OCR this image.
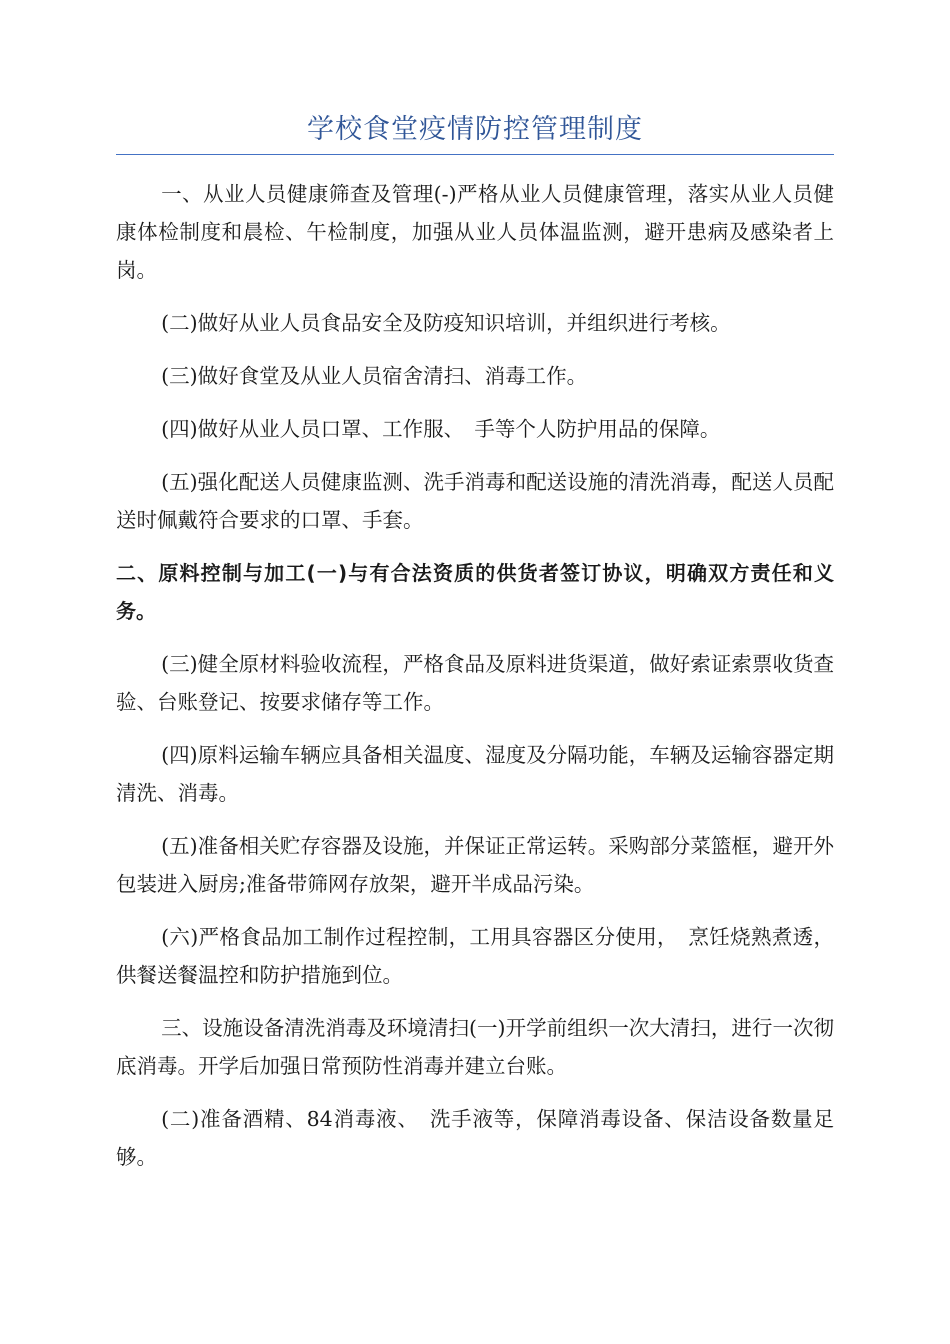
学校食堂疫情防控管理制度

一、从业人员健康筛查及管理(-)严格从业人员健康管理，落实从业人员健康体检制度和晨检、午检制度，加强从业人员体温监测，避开患病及感染者上岗。

(二)做好从业人员食品安全及防疫知识培训，并组织进行考核。

(三)做好食堂及从业人员宿舍清扫、消毒工作。

(四)做好从业人员口罩、工作服、　手等个人防护用品的保障。

(五)强化配送人员健康监测、洗手消毒和配送设施的清洗消毒，配送人员配送时佩戴符合要求的口罩、手套。

二、原料控制与加工(一)与有合法资质的供货者签订协议，明确双方责任和义务。

(三)健全原材料验收流程，严格食品及原料进货渠道，做好索证索票收货查验、台账登记、按要求储存等工作。

(四)原料运输车辆应具备相关温度、湿度及分隔功能，车辆及运输容器定期清洗、消毒。

(五)准备相关贮存容器及设施，并保证正常运转。采购部分菜篮框，避开外包装进入厨房;准备带筛网存放架，避开半成品污染。

(六)严格食品加工制作过程控制，工用具容器区分使用，　烹饪烧熟煮透，供餐送餐温控和防护措施到位。

三、设施设备清洗消毒及环境清扫(一)开学前组织一次大清扫，进行一次彻底消毒。开学后加强日常预防性消毒并建立台账。

(二)准备酒精、84消毒液、　洗手液等，保障消毒设备、保洁设备数量足够。
